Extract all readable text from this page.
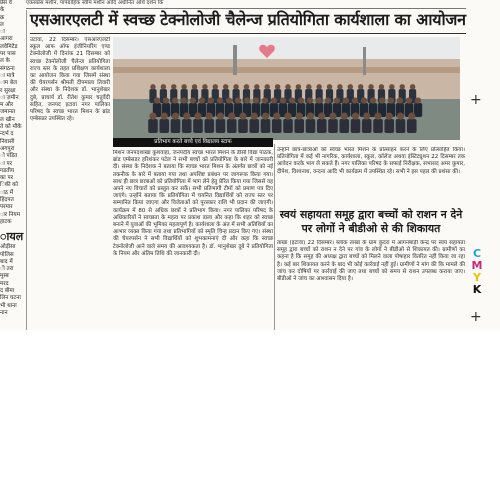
एकसप्रेस मशीन, पापग्राहिक स्वीम मशीन आदि अधीनित अर्थि दर्शन कि

प्रेस वे

के

क्र

ल

ा

आगरा

लवेमिटेड

पर पास

ल के

संगठना

ा मात्रे

ाम बेल

र सुरक्षा

ा ज़मीन

म और

जमानत

ल खीन

ते को मौके

न्दर्भ द

निवासी

अगपुरा

ो पंडित

ा पर

गडतीय

का पर

िकी को

ाठ में

हिंदपत

परमार

ार नियम

हाटक

ायल

ओड़ीसा

पोलिस

बाद में

ी तरा

मुस्ब

मरद

द बीमा

लिन घटना

भी थाना

नान

एसआरएलटी में स्वच्छ टेक्नोलोजी चैलेन्ज प्रतियोगिता कार्यशाला का आयोजन

उटावा, 22 दिसम्बर। एसआरएलटी स्कूल आफ ऑफ इंजीनियरिंग एण्ड टेक्नोलोजी में दिनांक 21 दिसम्बर को स्वच्छ टेक्नोलोजी चैलेन्ज प्रतियोगिता राज्य स्तर के तहत प्रशिक्षण कार्यशाला का आयोजन किया गया जिसमें संस्था की चेयरपर्सन श्रीमती दीपमाला तिवारी और संस्था के निदेशक डॉ. भानुशेखर दुबे, प्राचार्य डॉ. रीतेश कुमार चतुर्वेदी सहित, जनपद इटावा नगर पालिका परिषद के स्वच्छ भारत मिशन के ब्रांड एम्बेसडर उपस्थित रहे।

प्रतिभाग करते बच्चे एवं विद्यालय स्टाफ

मिशन जनपदशाखा कुशवाहा, जनपदीय स्वच्छ भारत मिशन के डीसी विद्या पाठक, ब्रांड एम्बेसडर हरिशंकर पटेल ने सभी बच्चों को प्रतियोगिता के बारे में जानकारी दी। संस्था के निदेशक ने बताया कि स्वच्छ भारत मिशन के अंतर्गत छात्रों को नई तकनीक के बारे में बताया गया तथा अपशिष्ट प्रबंधन पर जागरूक किया गया। साथ ही छात्र छात्राओं को प्रतियोगिता में भाग लेने हेतु प्रेरित किया गया जिससे वह अपने नए विचारों को प्रस्तुत कर सकें। सभी प्रतिभागी टीमों को प्रमाण पत्र दिए जाएंगे। उन्होंने बताया कि प्रतियोगिता में चयनित विद्यार्थियों को राज्य स्तर पर सम्मानित किया जाएगा और विजेताओं को पुरस्कार राशि भी प्रदान की जाएगी। कार्यक्रम में 80 से अधिक छात्रों ने प्रतिभाग किया। नगर पालिका परिषद के अधिकारियों ने स्वच्छता के महत्व पर प्रकाश डाला और कहा कि शहर को स्वच्छ बनाने में युवाओं की भूमिका महत्वपूर्ण है। कार्यशाला के अंत में सभी अतिथियों का आभार व्यक्त किया गया तथा प्रतिभागियों को स्मृति चिन्ह प्रदान किए गए। संस्था की चेयरपर्सन ने सभी विद्यार्थियों को शुभकामनाएं दी और कहा कि स्वच्छ टेक्नोलोजी आने वाले समय की आवश्यकता है। डॉ. भानुशेखर दुबे ने प्रतियोगिता के नियम और अंतिम तिथि की जानकारी दी।

उन्होंने छात्र-छात्राओं को स्वच्छ भारत मिशन के प्रोत्साहन करने के लिए प्रोत्साहित किया। प्रतियोगिता में कई भी नागरिक, कार्यशाला, स्कूल, कॉलेज अथवा इंस्टिट्यूशन 22 दिसम्बर तक आवेदन करके भाग ले सकते हैं। नगर पालिका परिषद के सफाई निरीक्षक, सभासद अमर कुमार, दीपेश, विश्वनाथ, वन्दना आदि भी कार्यक्रम में उपस्थित रहे। सभी ने इस पहल की प्रशंसा की।

स्वयं सहायता समूह द्वारा बच्चों को राशन न देने पर लोगों ने बीडीओ से की शिकायत

ताखा (इटावा) 22 दिसम्बर। ब्लॉक ताखा के ग्राम कुंदरा में आंगनबाड़ी केन्द्र पर स्वयं सहायता समूह द्वारा बच्चों को राशन न देने पर गांव के लोगों ने बीडीओ से शिकायत की। ग्रामीणों का कहना है कि समूह की अध्यक्ष द्वारा बच्चों को मिलने वाला पोषाहार वितरित नहीं किया जा रहा है। कई बार शिकायत करने के बाद भी कोई कार्रवाई नहीं हुई। ग्रामीणों ने मांग की कि मामले की जांच कर दोषियों पर कार्रवाई की जाए तथा बच्चों को समय से राशन उपलब्ध कराया जाए। बीडीओ ने जांच का आश्वासन दिया है।

+
C
M
Y
K
+
